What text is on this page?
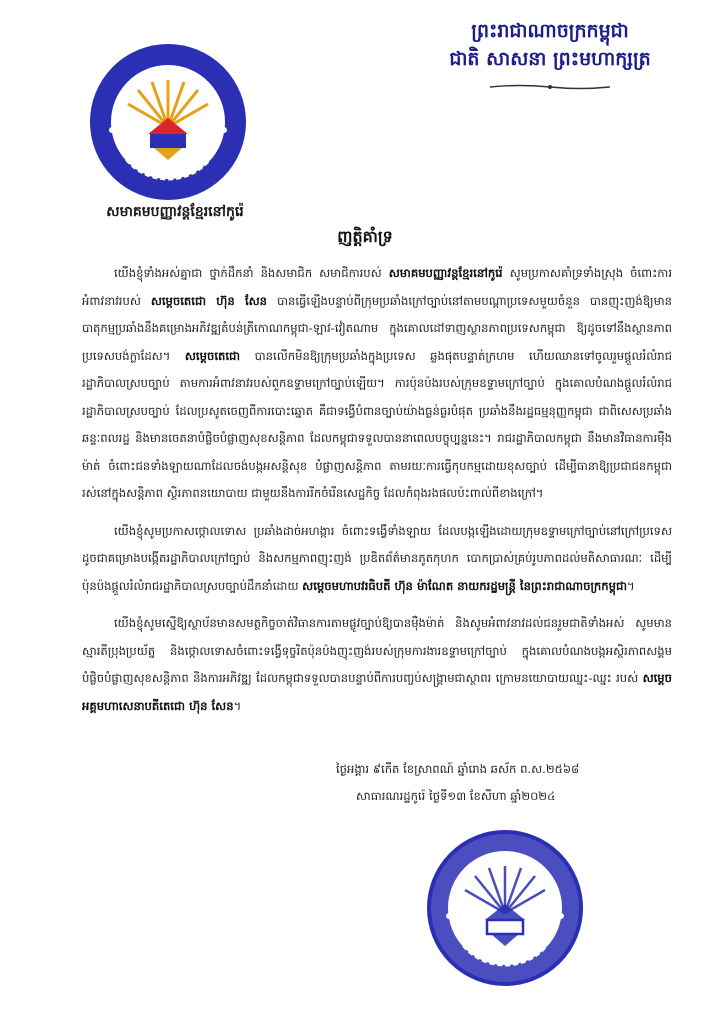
ព្រះរាជាណាចក្រកម្ពុជា
ជាតិ សាសនា ព្រះមហាក្សត្រ
សមាគមបញ្ញាវន្តខ្មែរនៅកូរ៉េ
ញត្តិគាំទ្រ

យើងខ្ញុំទាំងអស់គ្នាជា ថ្នាក់ដឹកនាំ និងសមាជិក សមាជិការបស់ សមាគមបញ្ញាវន្តខ្មែរនៅកូរ៉េ សូមប្រកាសគាំទ្រទាំងស្រុង ចំពោះការអំពាវនាវរបស់ សម្តេចតេជោ ហ៊ុន សែន បានធ្វើឡើងបន្ទាប់ពីក្រុមប្រឆាំងក្រៅច្បាប់នៅតាមបណ្តាប្រទេសមួយចំនួន បានញុះញង់ឱ្យមានបាតុកម្មប្រឆាំងនឹងគម្រោងអភិវឌ្ឍតំបន់ត្រីកោណកម្ពុជា-ឡាវ-វៀតណាម ក្នុងគោលដៅទាញស្ថានភាពប្រទេសកម្ពុជា ឱ្យដូចទៅនឹងស្ថានភាពប្រទេសបង់ក្លាដែស។ សម្តេចតេជោ បានលើកមិនឱ្យក្រុមប្រឆាំងក្នុងប្រទេស ឆ្លងផុតបន្ទាត់ក្រហម ហើយឈានទៅចូលរួមផ្តួលរំលំរាជរដ្ឋាភិបាលស្របច្បាប់ តាមការអំពាវនាវរបស់ពួកឧទ្ទាមក្រៅច្បាប់ឡើយ។ ការប៉ុនប៉ងរបស់ក្រុមឧទ្ទាមក្រៅច្បាប់ ក្នុងគោលបំណងផ្តួលរំលំរាជរដ្ឋាភិបាលស្របច្បាប់ ដែលប្រសូតចេញពីការបោះឆ្នោត គឺជាទង្វើបំពានច្បាប់យ៉ាងធ្ងន់ធ្ងរបំផុត ប្រឆាំងនឹងរដ្ឋធម្មនុញ្ញកម្ពុជា ជាពិសេសប្រឆាំងឆន្ទៈពលរដ្ឋ និងមានចេតនាបំផ្លិចបំផ្លាញសុខសន្តិភាព ដែលកម្ពុជាទទួលបាននាពេលបច្ចុប្បន្ននេះ។ រាជរដ្ឋាភិបាលកម្ពុជា នឹងមានវិធានការម៉ឺងម៉ាត់ ចំពោះជនទាំងឡាយណាដែលចង់បង្កអសន្តិសុខ បំផ្លាញសន្តិភាព តាមរយៈការធ្វើកុបកម្មដោយខុសច្បាប់ ដើម្បីធានាឱ្យប្រជាជនកម្ពុជារស់នៅក្នុងសន្តិភាព ស្ថិរភាពនយោបាយ ជាមួយនឹងការរីកចំរើនសេដ្ឋកិច្ច ដែលកំពុងរងផលប៉ះពាល់ពីខាងក្រៅ។

យើងខ្ញុំសូមប្រកាសថ្កោលទោស ប្រឆាំងដាច់អហង្ការ ចំពោះទង្វើទាំងឡាយ ដែលបង្កឡើងដោយក្រុមឧទ្ទាមក្រៅច្បាប់នៅក្រៅប្រទេស ដូចជាគម្រោងបង្កើតរដ្ឋាភិបាលក្រៅច្បាប់ និងសកម្មភាពញុះញង់ ប្រឌិតព័ត៌មានភូតកុហក បោកប្រាស់គ្រប់រូបភាពដល់មតិសាធារណៈ ដើម្បីប៉ុនប៉ងផ្តួលរំលំរាជរដ្ឋាភិបាលស្របច្បាប់ដឹកនាំដោយ សម្តេចមហាបវរធិបតី ហ៊ុន ម៉ាណែត នាយករដ្ឋមន្ត្រី នៃព្រះរាជាណាចក្រកម្ពុជា។

យើងខ្ញុំសូមស្នើឱ្យស្ថាប័នមានសមត្ថកិច្ចចាត់វិធានការតាមផ្លូវច្បាប់ឱ្យបានម៉ឺងម៉ាត់ និងសូមអំពាវនាវដល់ជនរួមជាតិទាំងអស់ សូមមានស្មារតីប្រុងប្រយ័ត្ន និងថ្កោលទោសចំពោះទង្វើទុច្ចរិតប៉ុនប៉ងញុះញង់របស់ក្រុមការងារឧទ្ទាមក្រៅច្បាប់ ក្នុងគោលបំណងបង្កអស្ថិរភាពសង្គម បំផ្លិចបំផ្លាញសុខសន្តិភាព និងការអភិវឌ្ឍ ដែលកម្ពុជាទទួលបានបន្ទាប់ពីការបញ្ចប់សង្គ្រាមជាស្ថាពរ ក្រោមនយោបាយឈ្នះ-ឈ្នះ របស់ សម្តេចអគ្គមហាសេនាបតីតេជោ ហ៊ុន សែន។

ថ្ងៃអង្គារ ៩កើត ខែស្រាពណ៍ ឆ្នាំរោង ឆស័ក ព.ស.២៥៦៨
សាធារណរដ្ឋកូរ៉េ ថ្ងៃទី១៣ ខែសីហា ឆ្នាំ២០២៤
